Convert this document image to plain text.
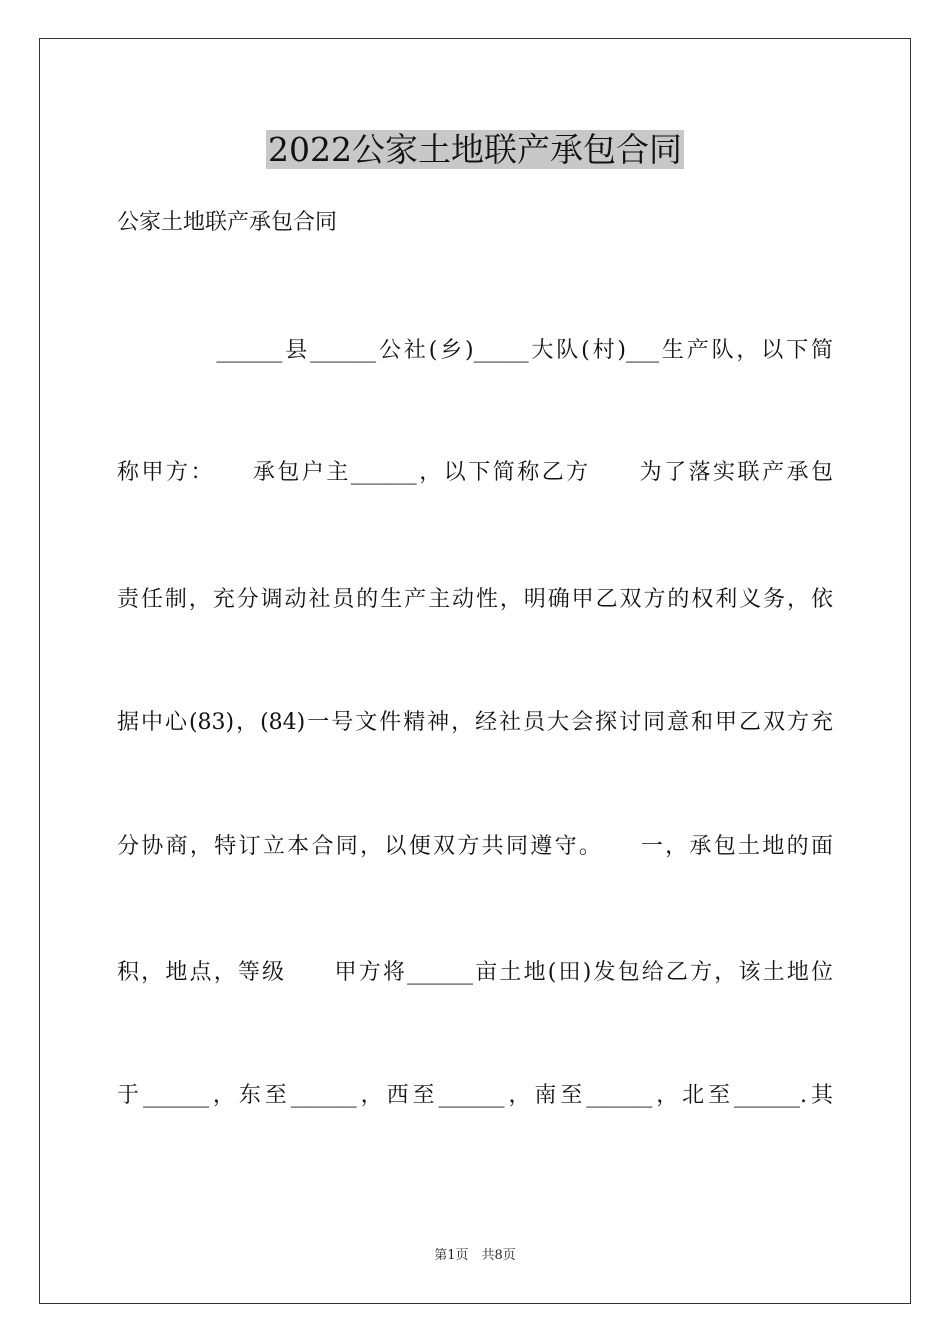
2022公家土地联产承包合同

公家土地联产承包合同

　　　　______县______公社(乡)_____大队(村)___生产队，以下简

称甲方：　　承包户主______，以下简称乙方　　为了落实联产承包

责任制，充分调动社员的生产主动性，明确甲乙双方的权利义务，依

据中心(83)，(84)一号文件精神，经社员大会探讨同意和甲乙双方充

分协商，特订立本合同，以便双方共同遵守。　　一，承包土地的面

积，地点，等级　　甲方将______亩土地(田)发包给乙方，该土地位

于______，东至______，西至______，南至______，北至______.其

第1页　共8页
